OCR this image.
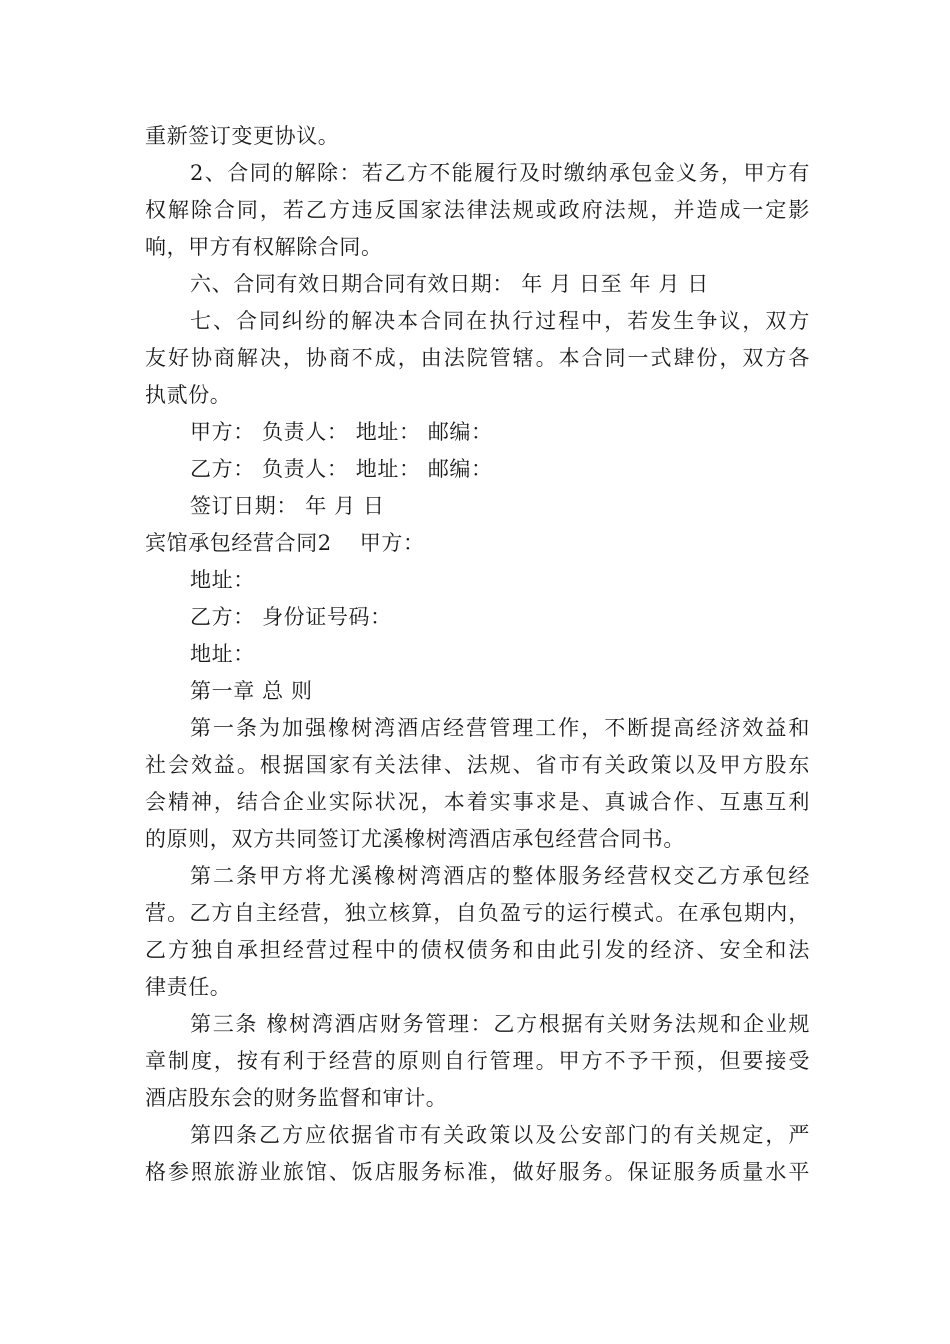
重新签订变更协议。
2、合同的解除：若乙方不能履行及时缴纳承包金义务，甲方有
权解除合同，若乙方违反国家法律法规或政府法规，并造成一定影
响，甲方有权解除合同。
六、合同有效日期合同有效日期： 年 月 日至 年 月 日
七、合同纠纷的解决本合同在执行过程中，若发生争议，双方
友好协商解决，协商不成，由法院管辖。本合同一式肆份，双方各
执贰份。
甲方： 负责人： 地址： 邮编：
乙方： 负责人： 地址： 邮编：
签订日期： 年 月 日
宾馆承包经营合同2 甲方：
地址：
乙方： 身份证号码：
地址：
第一章 总 则
第一条为加强橡树湾酒店经营管理工作，不断提高经济效益和
社会效益。根据国家有关法律、法规、省市有关政策以及甲方股东
会精神，结合企业实际状况，本着实事求是、真诚合作、互惠互利
的原则，双方共同签订尤溪橡树湾酒店承包经营合同书。
第二条甲方将尤溪橡树湾酒店的整体服务经营权交乙方承包经
营。乙方自主经营，独立核算，自负盈亏的运行模式。在承包期内，
乙方独自承担经营过程中的债权债务和由此引发的经济、安全和法
律责任。
第三条 橡树湾酒店财务管理：乙方根据有关财务法规和企业规
章制度，按有利于经营的原则自行管理。甲方不予干预，但要接受
酒店股东会的财务监督和审计。
第四条乙方应依据省市有关政策以及公安部门的有关规定，严
格参照旅游业旅馆、饭店服务标准，做好服务。保证服务质量水平
